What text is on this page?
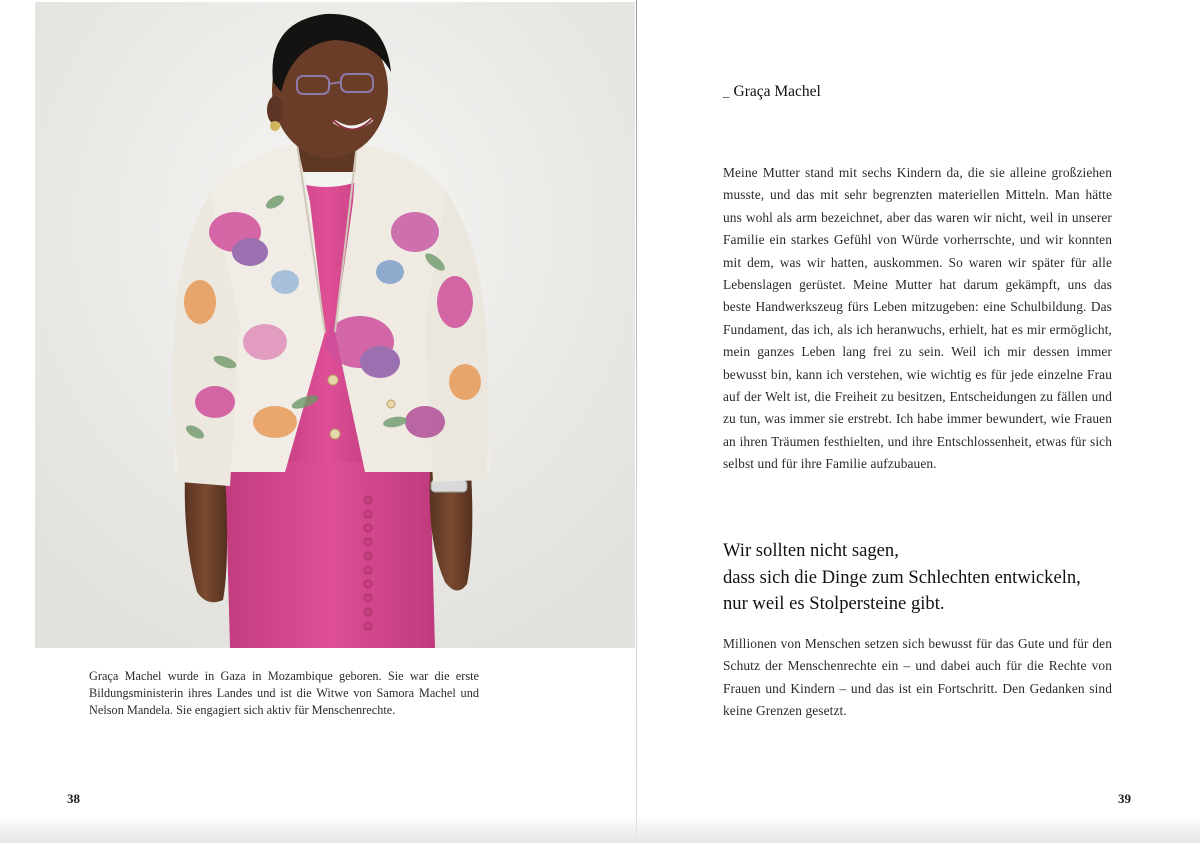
Graça Machel wurde in Gaza in Mozambique geboren. Sie war die erste Bildungsministerin ihres Landes und ist die Witwe von Samora Machel und Nelson Mandela. Sie engagiert sich aktiv für Menschenrechte.

38

_ Graça Machel

Meine Mutter stand mit sechs Kindern da, die sie alleine großziehen musste, und das mit sehr begrenzten materiellen Mitteln. Man hätte uns wohl als arm bezeichnet, aber das waren wir nicht, weil in unserer Familie ein starkes Gefühl von Würde vorherrschte, und wir konnten mit dem, was wir hatten, auskommen. So waren wir später für alle Lebenslagen gerüstet. Meine Mutter hat darum gekämpft, uns das beste Handwerkszeug fürs Leben mitzugeben: eine Schulbildung. Das Fundament, das ich, als ich heranwuchs, erhielt, hat es mir ermöglicht, mein ganzes Leben lang frei zu sein. Weil ich mir dessen immer bewusst bin, kann ich verstehen, wie wichtig es für jede einzelne Frau auf der Welt ist, die Freiheit zu besitzen, Entscheidungen zu fällen und zu tun, was immer sie erstrebt. Ich habe immer bewundert, wie Frauen an ihren Träumen festhielten, und ihre Entschlossenheit, etwas für sich selbst und für ihre Familie aufzubauen.

Wir sollten nicht sagen,
dass sich die Dinge zum Schlechten entwickeln,
nur weil es Stolpersteine gibt.

Millionen von Menschen setzen sich bewusst für das Gute und für den Schutz der Menschenrechte ein – und dabei auch für die Rechte von Frauen und Kindern – und das ist ein Fortschritt. Den Gedanken sind keine Grenzen gesetzt.

39
